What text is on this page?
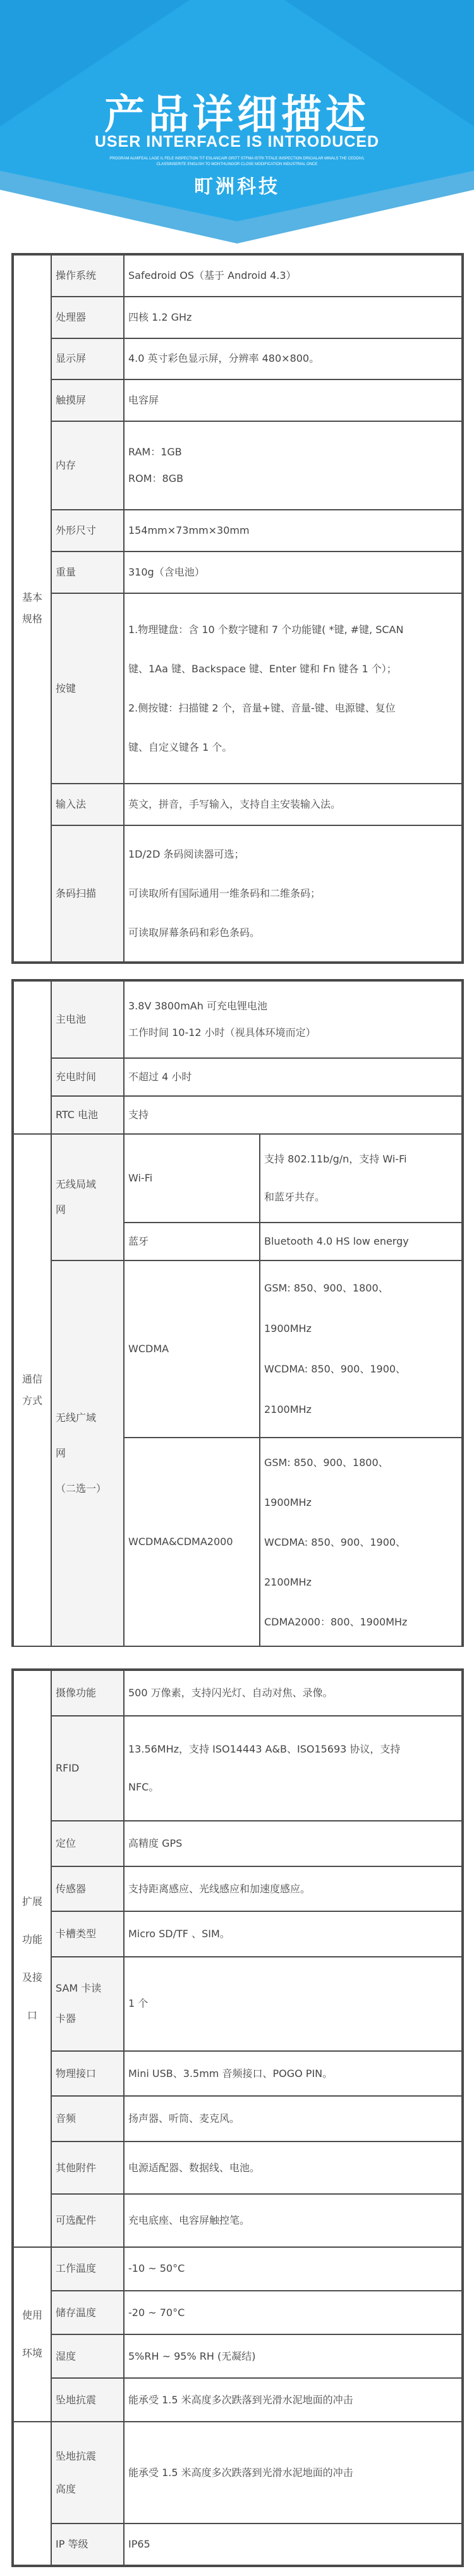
产品详细描述
USER INTERFACE IS INTRODUCED
PROGRAM ALMIFEAL LAGE IL FELE INSPECTION TIT ESLANCAIR GRITT STFMA ISTRI TITALE INSPECTION DRICIALAR MINALS THE CEDDIVL CLASSINSERITE ENGLISH TO MONTHLINGOR CLOSE MODIFICATION INDUSTRIAL ONCE
町洲科技
基本
规格	操作系统	Safedroid OS（基于 Android 4.3）
	处理器	四核 1.2 GHz
	显示屏	4.0 英寸彩色显示屏，分辨率 480×800。
	触摸屏	电容屏
	内存	RAM：1GB
ROM：8GB

	外形尺寸	154mm×73mm×30mm
	重量	310g（含电池）
	按键	1.物理键盘：含 10 个数字键和 7 个功能键( *键, #键, SCAN
键、1Aa 键、Backspace 键、Enter 键和 Fn 键各 1 个）；
2.侧按键：扫描键 2 个，音量+键、音量-键、电源键、复位
键、自定义键各 1 个。

	输入法	英文，拼音，手写输入，支持自主安装输入法。
	条码扫描	1D/2D 条码阅读器可选；
可读取所有国际通用一维条码和二维条码；
可读取屏幕条码和彩色条码。
	主电池	3.8V 3800mAh 可充电锂电池
工作时间 10-12 小时（视具体环境而定）	

	充电时间	不超过 4 小时	
	RTC 电池	支持	

通信
方式	无线局域
网	Wi-Fi	支持 802.11b/g/n，支持 Wi-Fi
和蓝牙共存。

		蓝牙	Bluetooth 4.0 HS low energy

	无线广域
网
（二选一）	WCDMA	GSM: 850、900、1800、
1900MHz
WCDMA: 850、900、1900、
2100MHz

		WCDMA&CDMA2000	GSM: 850、900、1800、
1900MHz
WCDMA: 850、900、1900、
2100MHz
CDMA2000：800、1900MHz
扩展
功能
及接
口	摄像功能	500 万像素，支持闪光灯、自动对焦、录像。
	RFID	13.56MHz，支持 ISO14443 A&B、ISO15693 协议，支持
NFC。

	定位	高精度 GPS
	传感器	支持距离感应、光线感应和加速度感应。
	卡槽类型	Micro SD/TF 、SIM。

	SAM 卡读
卡器	1 个
	物理接口	Mini USB、3.5mm 音频接口、POGO PIN。
	音频	扬声器、听筒、麦克风。
	其他附件	电源适配器、数据线、电池。
	可选配件	充电底座、电容屏触控笔。

使用
环境	工作温度	-10 ~ 50°C
	储存温度	-20 ~ 70°C
	湿度	5%RH ~ 95% RH (无凝结)
	坠地抗震	能承受 1.5 米高度多次跌落到光滑水泥地面的冲击

	坠地抗震
高度	能承受 1.5 米高度多次跌落到光滑水泥地面的冲击
	IP 等级	IP65
